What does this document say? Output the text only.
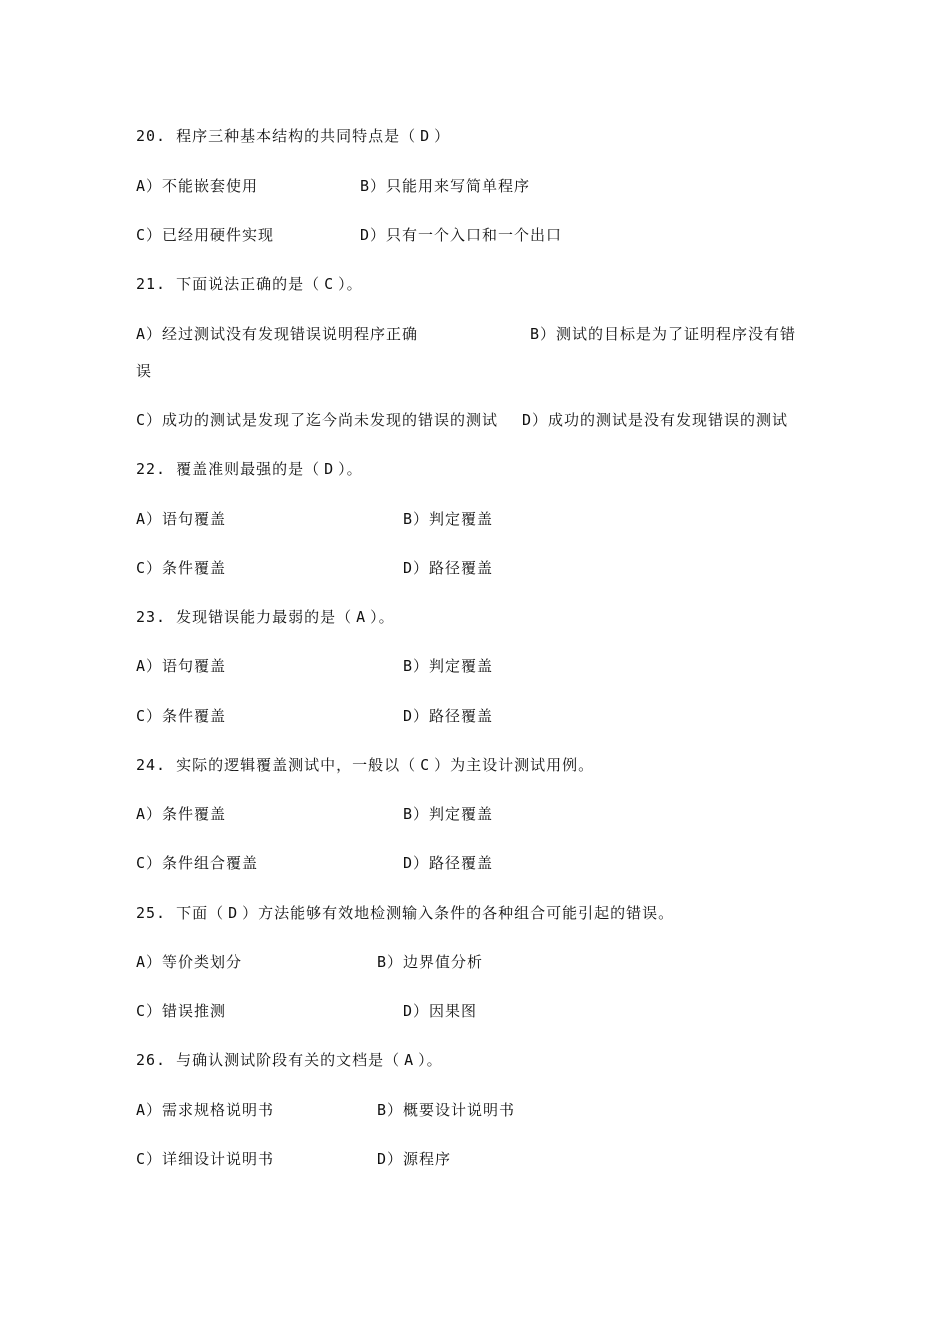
20. 程序三种基本结构的共同特点是（ D ）
A）不能嵌套使用	B）只能用来写简单程序
C）已经用硬件实现	D）只有一个入口和一个出口
21. 下面说法正确的是（ C ）。
A）经过测试没有发现错误说明程序正确	B）测试的目标是为了证明程序没有错
误
C）成功的测试是发现了迄今尚未发现的错误的测试 D）成功的测试是没有发现错误的测试
22. 覆盖准则最强的是（ D ）。
A）语句覆盖	B）判定覆盖
C）条件覆盖	D）路径覆盖
23. 发现错误能力最弱的是（ A ）。
A）语句覆盖	B）判定覆盖
C）条件覆盖	D）路径覆盖
24. 实际的逻辑覆盖测试中，一般以（ C ）为主设计测试用例。
A）条件覆盖	B）判定覆盖
C）条件组合覆盖	D）路径覆盖
25. 下面（ D ）方法能够有效地检测输入条件的各种组合可能引起的错误。
A）等价类划分	B）边界值分析
C）错误推测	D）因果图
26. 与确认测试阶段有关的文档是（ A ）。
A）需求规格说明书	B）概要设计说明书
C）详细设计说明书	D）源程序
